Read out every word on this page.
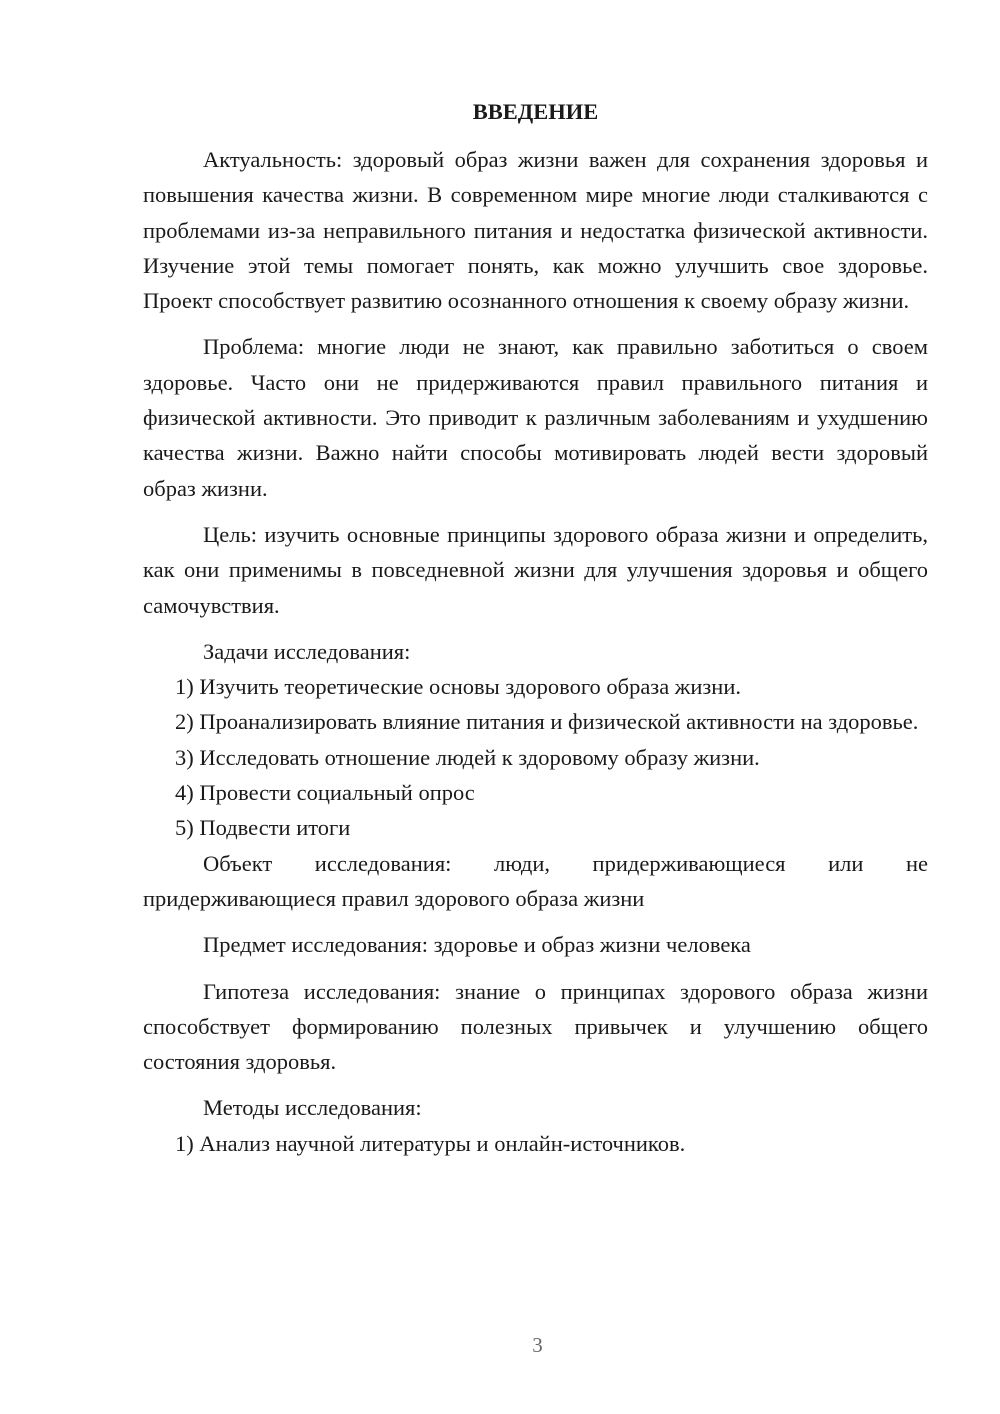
ВВЕДЕНИЕ

Актуальность: здоровый образ жизни важен для сохранения здоровья и повышения качества жизни. В современном мире многие люди сталкиваются с проблемами из-за неправильного питания и недостатка физической активности. Изучение этой темы помогает понять, как можно улучшить свое здоровье. Проект способствует развитию осознанного отношения к своему образу жизни.

Проблема: многие люди не знают, как правильно заботиться о своем здоровье. Часто они не придерживаются правил правильного питания и физической активности. Это приводит к различным заболеваниям и ухудшению качества жизни. Важно найти способы мотивировать людей вести здоровый образ жизни.

Цель: изучить основные принципы здорового образа жизни и определить, как они применимы в повседневной жизни для улучшения здоровья и общего самочувствия.

Задачи исследования:

1) Изучить теоретические основы здорового образа жизни.

2) Проанализировать влияние питания и физической активности на здоровье.

3) Исследовать отношение людей к здоровому образу жизни.

4) Провести социальный опрос

5) Подвести итоги

Объект исследования: люди, придерживающиеся или не придерживающиеся правил здорового образа жизни

Предмет исследования: здоровье и образ жизни человека

Гипотеза исследования: знание о принципах здорового образа жизни способствует формированию полезных привычек и улучшению общего состояния здоровья.

Методы исследования:

1) Анализ научной литературы и онлайн-источников.

3
